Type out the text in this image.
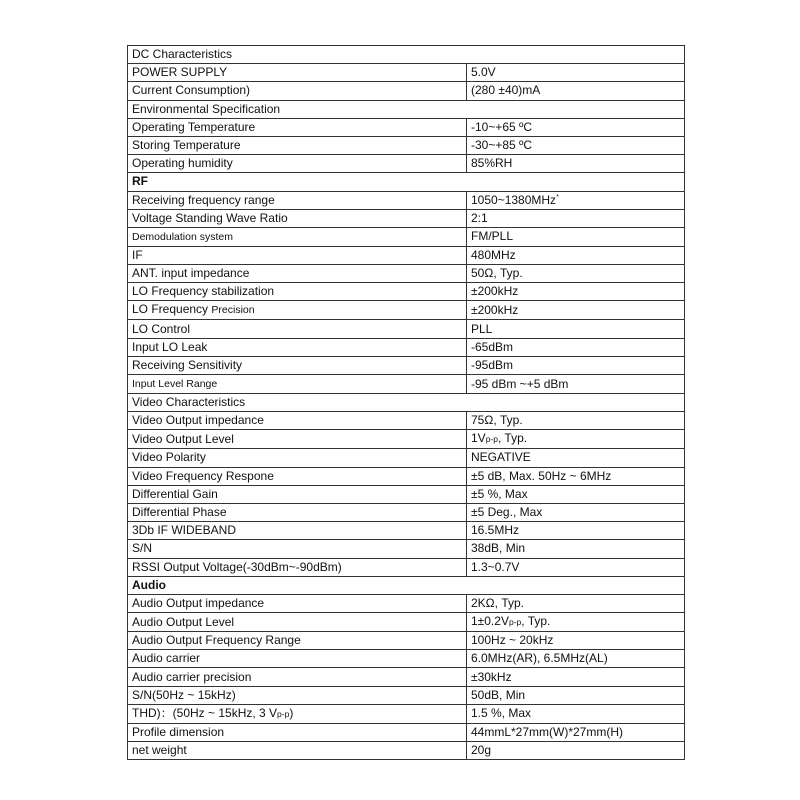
DC Characteristics	
POWER SUPPLY	5.0V
Current Consumption)	(280 ±40)mA
Environmental Specification	
Operating Temperature	-10~+65 ºC
Storing Temperature	-30~+85 ºC
Operating humidity	85%RH
RF	
Receiving frequency range	1050~1380MHz*
Voltage Standing Wave Ratio	2:1
Demodulation system	FM/PLL
IF	480MHz
ANT. input impedance	50Ω, Typ.
LO Frequency stabilization	±200kHz
LO Frequency Precision	±200kHz
LO Control	PLL
Input LO Leak	-65dBm
Receiving Sensitivity	-95dBm
Input Level Range	-95 dBm ~+5 dBm
Video Characteristics	
Video Output impedance	75Ω, Typ.
Video Output Level	1Vp-p, Typ.
Video Polarity	NEGATIVE
Video Frequency Respone	±5 dB, Max. 50Hz ~ 6MHz
Differential Gain	±5 %, Max
Differential Phase	±5 Deg., Max
3Db IF WIDEBAND	16.5MHz
S/N	38dB, Min
RSSI Output Voltage(-30dBm~-90dBm)	1.3~0.7V
Audio	
Audio Output impedance	2KΩ, Typ.
Audio Output Level	1±0.2Vp-p, Typ.
Audio Output Frequency Range	100Hz ~ 20kHz
Audio carrier	6.0MHz(AR), 6.5MHz(AL)
Audio carrier precision	±30kHz
S/N(50Hz ~ 15kHz)	50dB, Min
THD)：(50Hz ~ 15kHz, 3 Vp-p)	1.5 %, Max
Profile dimension	44mmL*27mm(W)*27mm(H)
net weight	20g
